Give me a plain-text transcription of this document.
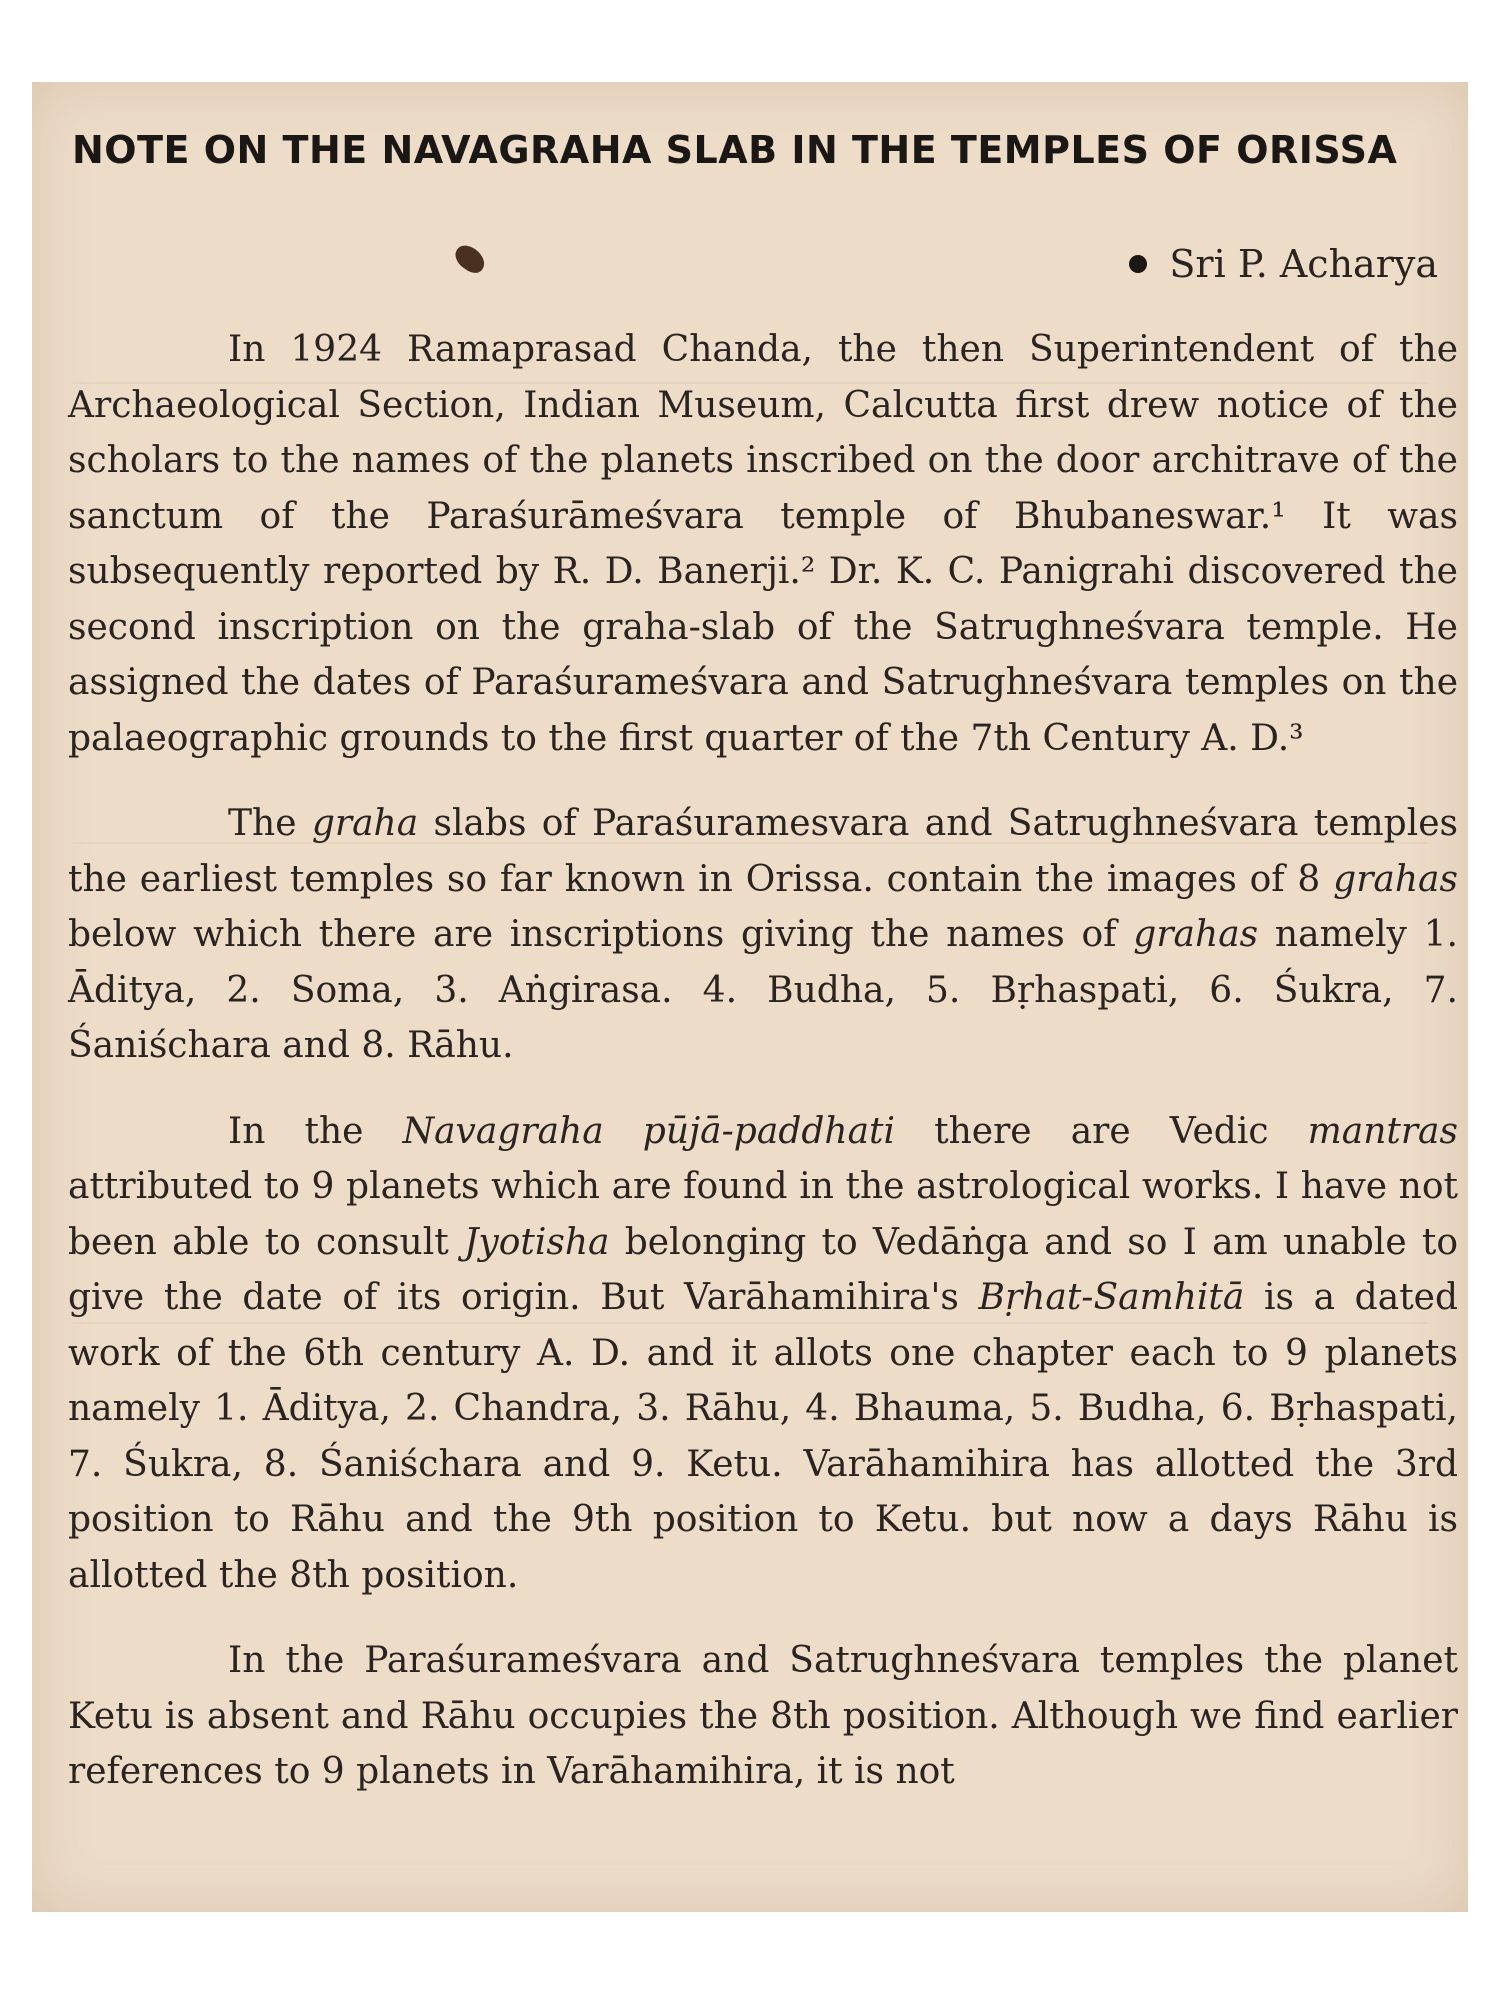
NOTE ON THE NAVAGRAHA SLAB IN THE TEMPLES OF ORISSA
Sri P. Acharya

In 1924 Ramaprasad Chanda, the then Superintendent of the Archaeological Section, Indian Museum, Calcutta first drew notice of the scholars to the names of the planets inscribed on the door architrave of the sanctum of the Paraśurāmeśvara temple of Bhubaneswar.¹ It was subsequently reported by R. D. Banerji.² Dr. K. C. Panigrahi discovered the second inscription on the graha-slab of the Satrughneśvara temple. He assigned the dates of Paraśurameśvara and Satrughneśvara temples on the palaeographic grounds to the first quarter of the 7th Century A. D.³

The graha slabs of Paraśuramesvara and Satrughneśvara temples the earliest temples so far known in Orissa. contain the images of 8 grahas below which there are inscriptions giving the names of grahas namely 1. Āditya, 2. Soma, 3. Aṅgirasa. 4. Budha, 5. Bṛhaspati, 6. Śukra, 7. Śaniśchara and 8. Rāhu.

In the Navagraha pūjā-paddhati there are Vedic mantras attributed to 9 planets which are found in the astrological works. I have not been able to consult Jyotisha belonging to Vedāṅga and so I am unable to give the date of its origin. But Varāhamihira's Bṛhat-Samhitā is a dated work of the 6th century A. D. and it allots one chapter each to 9 planets namely 1. Āditya, 2. Chandra, 3. Rāhu, 4. Bhauma, 5. Budha, 6. Bṛhaspati, 7. Śukra, 8. Śaniśchara and 9. Ketu. Varāhamihira has allotted the 3rd position to Rāhu and the 9th position to Ketu. but now a days Rāhu is allotted the 8th position.

In the Paraśurameśvara and Satrughneśvara temples the planet Ketu is absent and Rāhu occupies the 8th position. Although we find earlier references to 9 planets in Varāhamihira, it is not
